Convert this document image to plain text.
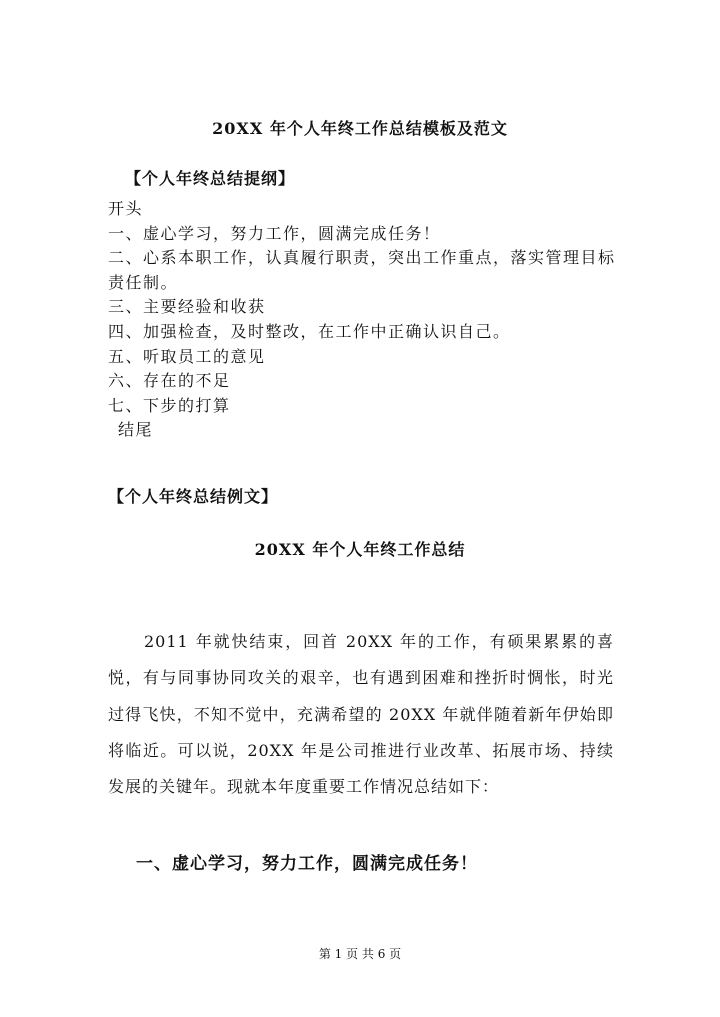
20XX 年个人年终工作总结模板及范文
【个人年终总结提纲】
开头
一、虚心学习，努力工作，圆满完成任务！
二、心系本职工作，认真履行职责，突出工作重点，落实管理目标责任制。
三、主要经验和收获
四、加强检查，及时整改，在工作中正确认识自己。
五、听取员工的意见
六、存在的不足
七、下步的打算
结尾
【个人年终总结例文】
20XX 年个人年终工作总结

2011 年就快结束，回首 20XX 年的工作，有硕果累累的喜悦，有与同事协同攻关的艰辛，也有遇到困难和挫折时惆怅，时光过得飞快，不知不觉中，充满希望的 20XX 年就伴随着新年伊始即将临近。可以说，20XX 年是公司推进行业改革、拓展市场、持续发展的关键年。现就本年度重要工作情况总结如下：

一、虚心学习，努力工作，圆满完成任务！
第 1 页 共 6 页
